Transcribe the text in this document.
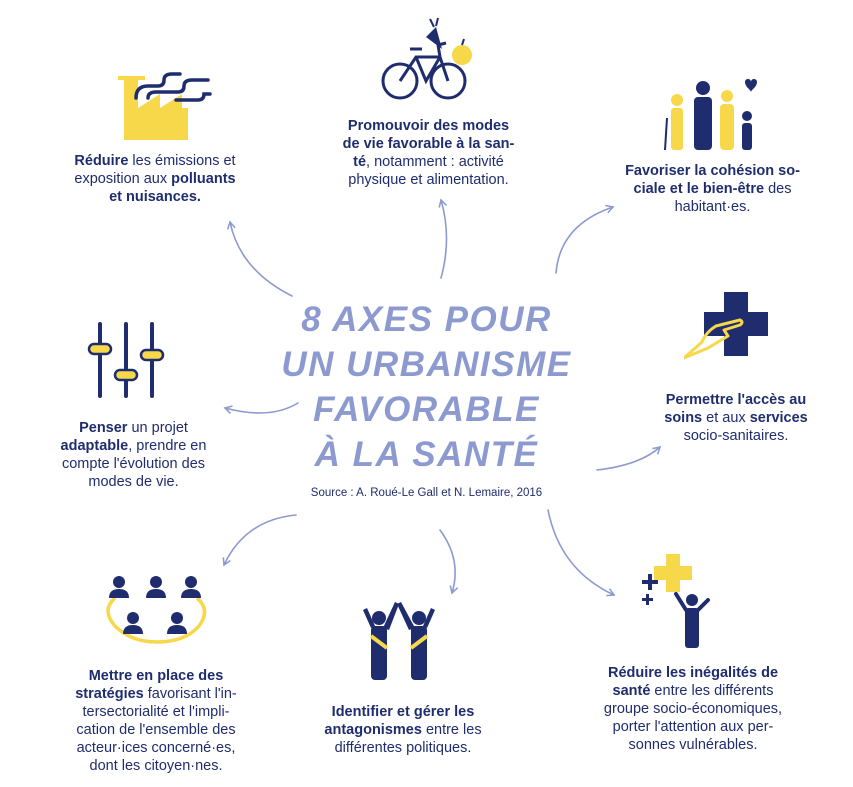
8 AXES POUR
UN URBANISME
FAVORABLE
À LA SANTÉ
Source : A. Roué-Le Gall et N. Lemaire, 2016
Réduire les émissions et
exposition aux polluants
et nuisances.
Promouvoir des modes
de vie favorable à la san-
té, notamment : activité
physique et alimentation.
Favoriser la cohésion so-
ciale et le bien-être des
habitant·es.
Permettre l'accès au
soins et aux services
socio-sanitaires.
Réduire les inégalités de
santé entre les différents
groupe socio-économiques,
porter l'attention aux per-
sonnes vulnérables.
Identifier et gérer les
antagonismes entre les
différentes politiques.
Mettre en place des
stratégies favorisant l'in-
tersectorialité et l'impli-
cation de l'ensemble des
acteur·ices concerné·es,
dont les citoyen·nes.
Penser un projet
adaptable, prendre en
compte l'évolution des
modes de vie.
